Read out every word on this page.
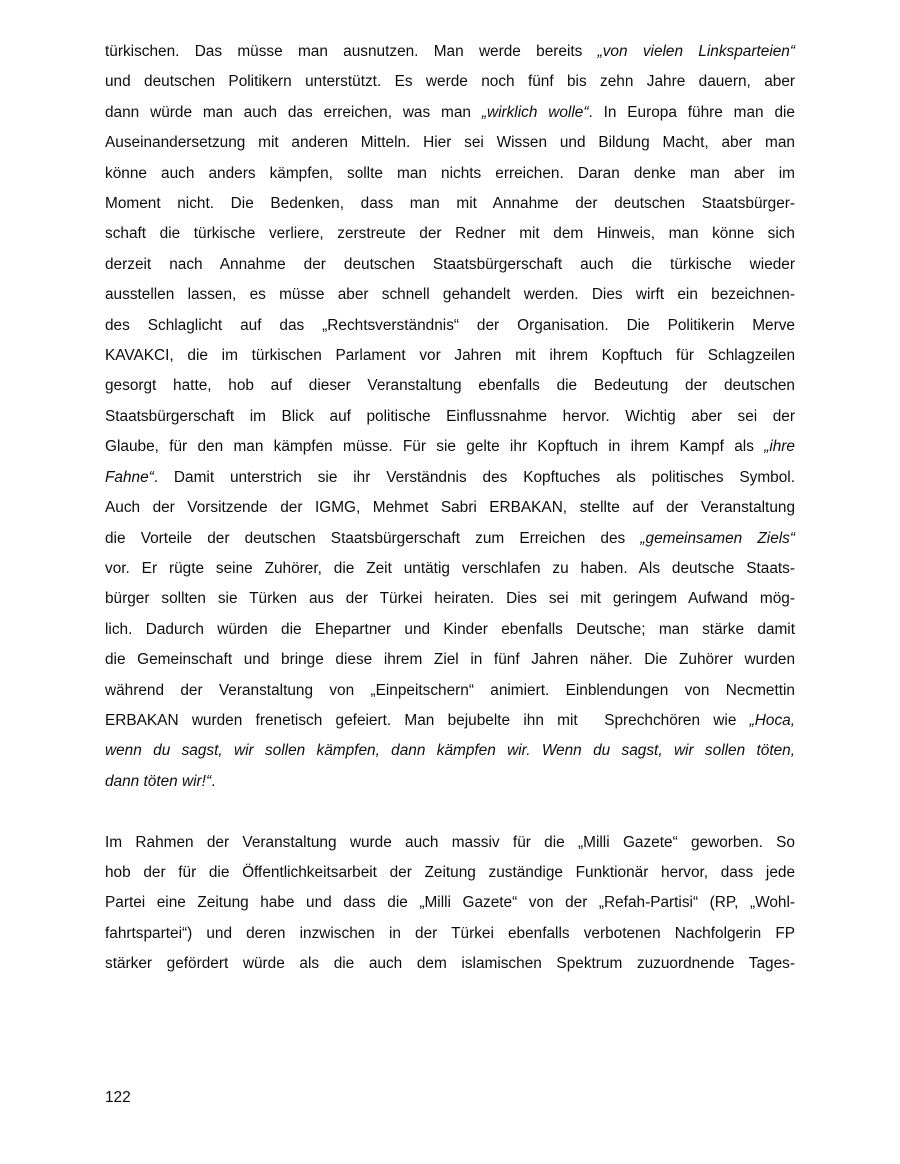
türkischen. Das müsse man ausnutzen. Man werde bereits „von vielen Linksparteien“
und deutschen Politikern unterstützt. Es werde noch fünf bis zehn Jahre dauern, aber
dann würde man auch das erreichen, was man „wirklich wolle“. In Europa führe man die
Auseinandersetzung mit anderen Mitteln. Hier sei Wissen und Bildung Macht, aber man
könne auch anders kämpfen, sollte man nichts erreichen. Daran denke man aber im
Moment nicht. Die Bedenken, dass man mit Annahme der deutschen Staatsbürger-
schaft die türkische verliere, zerstreute der Redner mit dem Hinweis, man könne sich
derzeit nach Annahme der deutschen Staatsbürgerschaft auch die türkische wieder
ausstellen lassen, es müsse aber schnell gehandelt werden. Dies wirft ein bezeichnen-
des Schlaglicht auf das „Rechtsverständnis“ der Organisation. Die Politikerin Merve
KAVAKCI, die im türkischen Parlament vor Jahren mit ihrem Kopftuch für Schlagzeilen
gesorgt hatte, hob auf dieser Veranstaltung ebenfalls die Bedeutung der deutschen
Staatsbürgerschaft im Blick auf politische Einflussnahme hervor. Wichtig aber sei der
Glaube, für den man kämpfen müsse. Für sie gelte ihr Kopftuch in ihrem Kampf als „ihre
Fahne“. Damit unterstrich sie ihr Verständnis des Kopftuches als politisches Symbol.
Auch der Vorsitzende der IGMG, Mehmet Sabri ERBAKAN, stellte auf der Veranstaltung
die Vorteile der deutschen Staatsbürgerschaft zum Erreichen des „gemeinsamen Ziels“
vor. Er rügte seine Zuhörer, die Zeit untätig verschlafen zu haben. Als deutsche Staats-
bürger sollten sie Türken aus der Türkei heiraten. Dies sei mit geringem Aufwand mög-
lich. Dadurch würden die Ehepartner und Kinder ebenfalls Deutsche; man stärke damit
die Gemeinschaft und bringe diese ihrem Ziel in fünf Jahren näher. Die Zuhörer wurden
während der Veranstaltung von „Einpeitschern“ animiert. Einblendungen von Necmettin
ERBAKAN wurden frenetisch gefeiert. Man bejubelte ihn mit  Sprechchören wie „Hoca,
wenn du sagst, wir sollen kämpfen, dann kämpfen wir. Wenn du sagst, wir sollen töten,
dann töten wir!“.
Im Rahmen der Veranstaltung wurde auch massiv für die „Milli Gazete“ geworben. So
hob der für die Öffentlichkeitsarbeit der Zeitung zuständige Funktionär hervor, dass jede
Partei eine Zeitung habe und dass die „Milli Gazete“ von der „Refah-Partisi“ (RP, „Wohl-
fahrtspartei“) und deren inzwischen in der Türkei ebenfalls verbotenen Nachfolgerin FP
stärker gefördert würde als die auch dem islamischen Spektrum zuzuordnende Tages-
122
